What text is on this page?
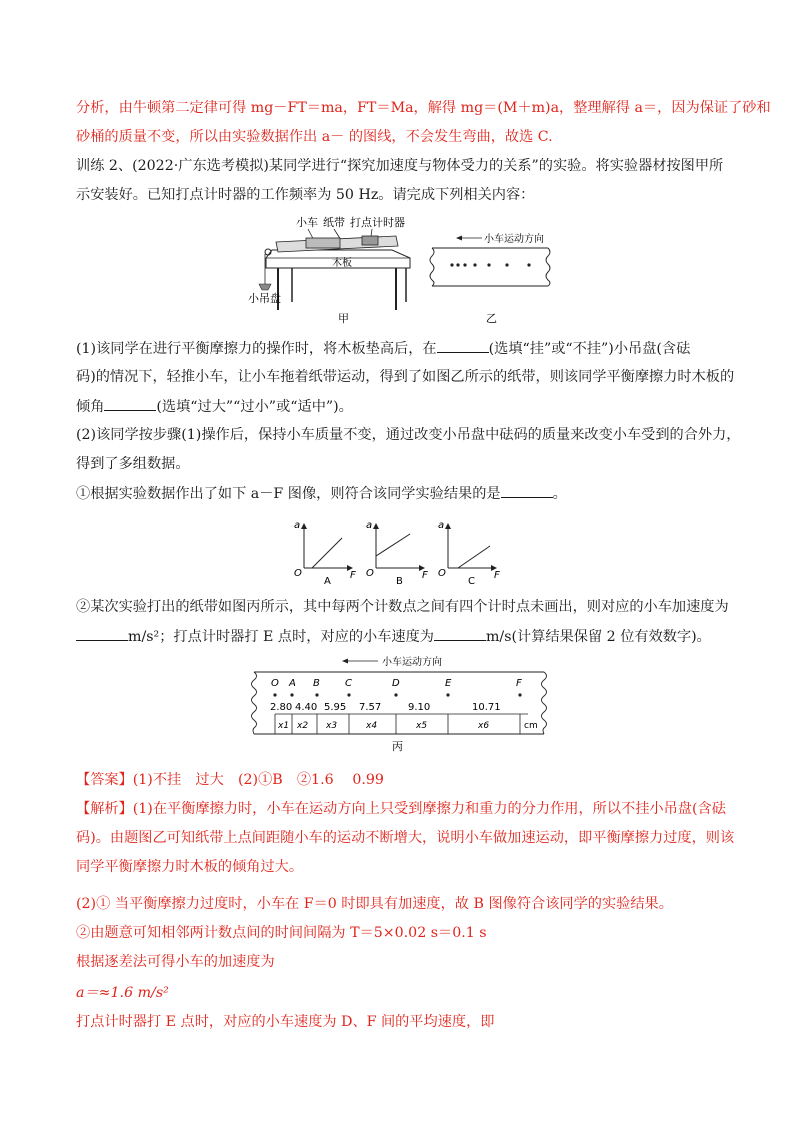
分析，由牛顿第二定律可得 mg－FT＝ma，FT＝Ma，解得 mg＝(M＋m)a，整理解得 a＝，因为保证了砂和
砂桶的质量不变，所以由实验数据作出 a－ 的图线，不会发生弯曲，故选 C.
训练 2、(2022·广东选考模拟)某同学进行“探究加速度与物体受力的关系”的实验。将实验器材按图甲所
示安装好。已知打点计时器的工作频率为 50 Hz。请完成下列相关内容：
小车 纸带 打点计时器
木板
小吊盘
甲
小车运动方向
乙
(1)该同学在进行平衡摩擦力的操作时，将木板垫高后，在	(选填“挂”或“不挂”)小吊盘(含砝
码)的情况下，轻推小车，让小车拖着纸带运动，得到了如图乙所示的纸带，则该同学平衡摩擦力时木板的
倾角	(选填“过大”“过小”或“适中”)。
(2)该同学按步骤(1)操作后，保持小车质量不变，通过改变小吊盘中砝码的质量来改变小车受到的合外力，
得到了多组数据。
①根据实验数据作出了如下 a－F 图像，则符合该同学实验结果的是	。
a
O	F
A
a
O	F
B
a
O	F
C
②某次实验打出的纸带如图丙所示，其中每两个计数点之间有四个计时点未画出，则对应的小车加速度为
m/s²；打点计时器打 E 点时，对应的小车速度为	m/s(计算结果保留 2 位有效数字)。
小车运动方向
O A B	C	D	E	F
2.80 4.40 5.95 7.57	9.10	10.71
x1 x2 x3	x4	x5	x6	cm
丙
【答案】(1)不挂　过大　(2)①B　②1.6　 0.99
【解析】(1)在平衡摩擦力时，小车在运动方向上只受到摩擦力和重力的分力作用，所以不挂小吊盘(含砝
码)。由题图乙可知纸带上点间距随小车的运动不断增大，说明小车做加速运动，即平衡摩擦力过度，则该
同学平衡摩擦力时木板的倾角过大。
(2)① 当平衡摩擦力过度时，小车在 F＝0 时即具有加速度，故 B 图像符合该同学的实验结果。
②由题意可知相邻两计数点间的时间间隔为 T＝5×0.02 s＝0.1 s
根据逐差法可得小车的加速度为
a＝≈1.6 m/s²
打点计时器打 E 点时，对应的小车速度为 D、F 间的平均速度，即
